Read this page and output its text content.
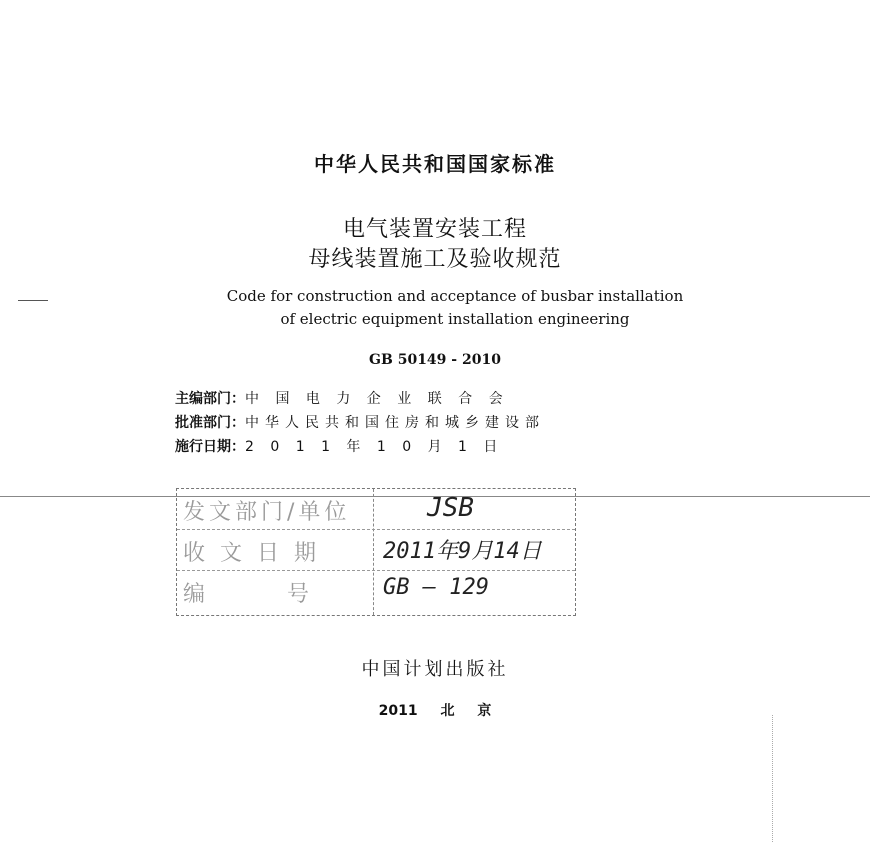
中华人民共和国国家标准
电气装置安装工程
母线装置施工及验收规范
Code for construction and acceptance of busbar installation
of electric equipment installation engineering
GB 50149 - 2010
主编部门：中 国 电 力 企 业 联 合 会
批准部门：中华人民共和国住房和城乡建设部
施行日期：2 0 1 1 年 1 0 月 1 日
发文部门/单位	JSB
收 文 日 期	2011年9月14日
编　　　号	GB — 129
中国计划出版社
2011 北 京
